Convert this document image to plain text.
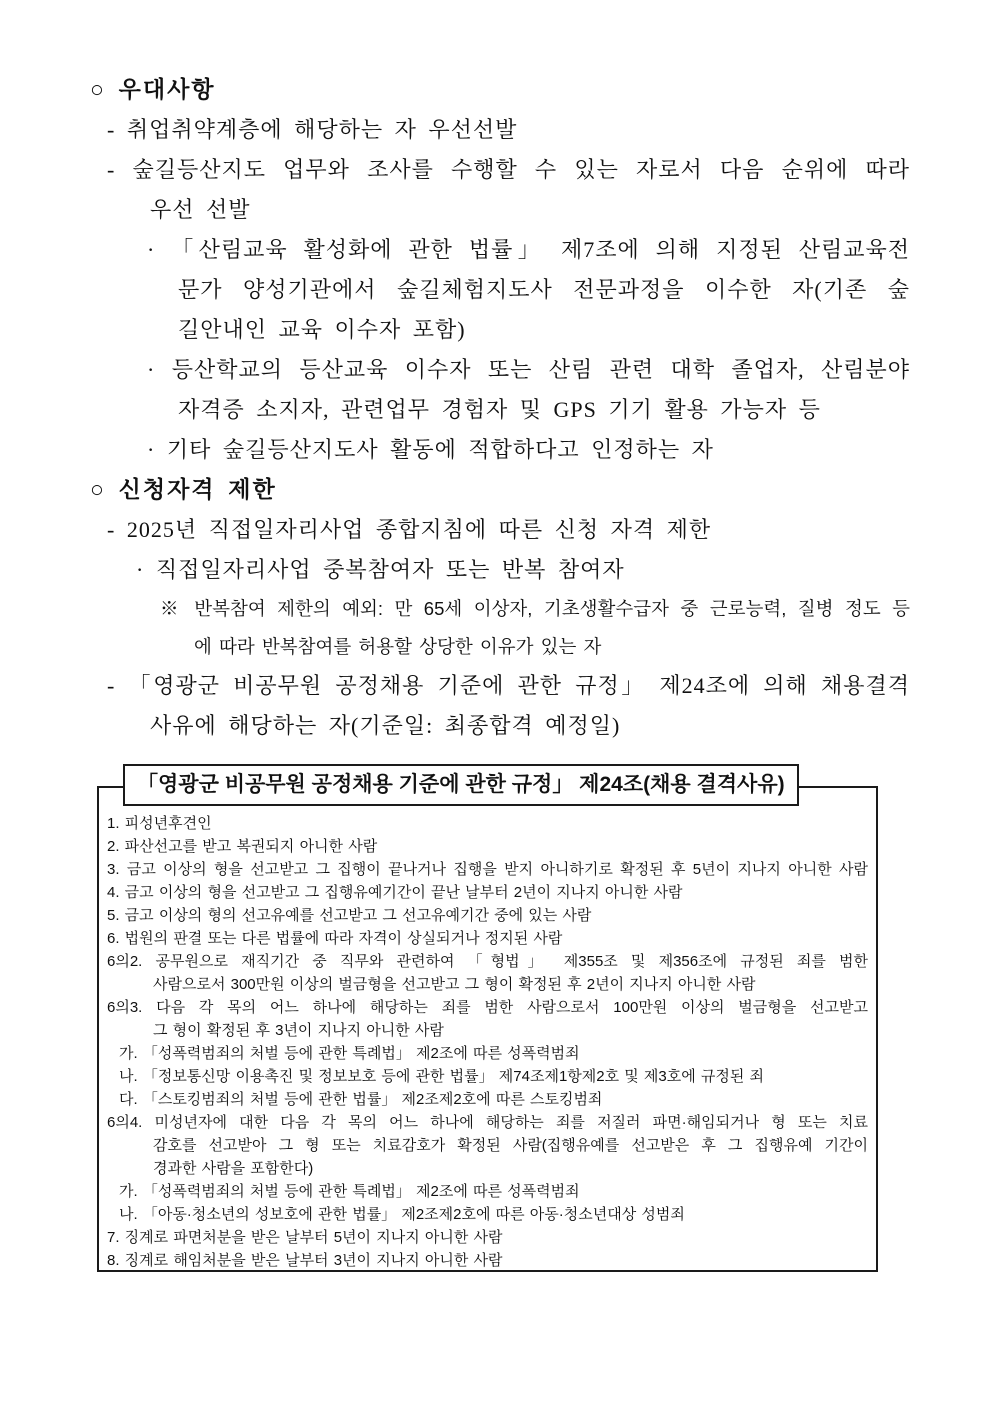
○ 우대사항
- 취업취약계층에 해당하는 자 우선선발
- 숲길등산지도 업무와 조사를 수행할 수 있는 자로서 다음 순위에 따라
우선 선발
· 「산림교육 활성화에 관한 법률」 제7조에 의해 지정된 산림교육전
문가 양성기관에서 숲길체험지도사 전문과정을 이수한 자(기존 숲
길안내인 교육 이수자 포함)
· 등산학교의 등산교육 이수자 또는 산림 관련 대학 졸업자, 산림분야
자격증 소지자, 관련업무 경험자 및 GPS 기기 활용 가능자 등
· 기타 숲길등산지도사 활동에 적합하다고 인정하는 자
○ 신청자격 제한
- 2025년 직접일자리사업 종합지침에 따른 신청 자격 제한
· 직접일자리사업 중복참여자 또는 반복 참여자
※ 반복참여 제한의 예외: 만 65세 이상자, 기초생활수급자 중 근로능력, 질병 정도 등
에 따라 반복참여를 허용할 상당한 이유가 있는 자
- 「영광군 비공무원 공정채용 기준에 관한 규정」 제24조에 의해 채용결격
사유에 해당하는 자(기준일: 최종합격 예정일)
「영광군 비공무원 공정채용 기준에 관한 규정」 제24조(채용 결격사유)
1. 피성년후견인
2. 파산선고를 받고 복권되지 아니한 사람
3. 금고 이상의 형을 선고받고 그 집행이 끝나거나 집행을 받지 아니하기로 확정된 후 5년이 지나지 아니한 사람
4. 금고 이상의 형을 선고받고 그 집행유예기간이 끝난 날부터 2년이 지나지 아니한 사람
5. 금고 이상의 형의 선고유예를 선고받고 그 선고유예기간 중에 있는 사람
6. 법원의 판결 또는 다른 법률에 따라 자격이 상실되거나 정지된 사람
6의2. 공무원으로 재직기간 중 직무와 관련하여 「형법」 제355조 및 제356조에 규정된 죄를 범한
사람으로서 300만원 이상의 벌금형을 선고받고 그 형이 확정된 후 2년이 지나지 아니한 사람
6의3. 다음 각 목의 어느 하나에 해당하는 죄를 범한 사람으로서 100만원 이상의 벌금형을 선고받고
그 형이 확정된 후 3년이 지나지 아니한 사람
가. 「성폭력범죄의 처벌 등에 관한 특례법」 제2조에 따른 성폭력범죄
나. 「정보통신망 이용촉진 및 정보보호 등에 관한 법률」 제74조제1항제2호 및 제3호에 규정된 죄
다. 「스토킹범죄의 처벌 등에 관한 법률」 제2조제2호에 따른 스토킹범죄
6의4. 미성년자에 대한 다음 각 목의 어느 하나에 해당하는 죄를 저질러 파면·해임되거나 형 또는 치료
감호를 선고받아 그 형 또는 치료감호가 확정된 사람(집행유예를 선고받은 후 그 집행유예 기간이
경과한 사람을 포함한다)
가. 「성폭력범죄의 처벌 등에 관한 특례법」 제2조에 따른 성폭력범죄
나. 「아동·청소년의 성보호에 관한 법률」 제2조제2호에 따른 아동·청소년대상 성범죄
7. 징계로 파면처분을 받은 날부터 5년이 지나지 아니한 사람
8. 징계로 해임처분을 받은 날부터 3년이 지나지 아니한 사람
